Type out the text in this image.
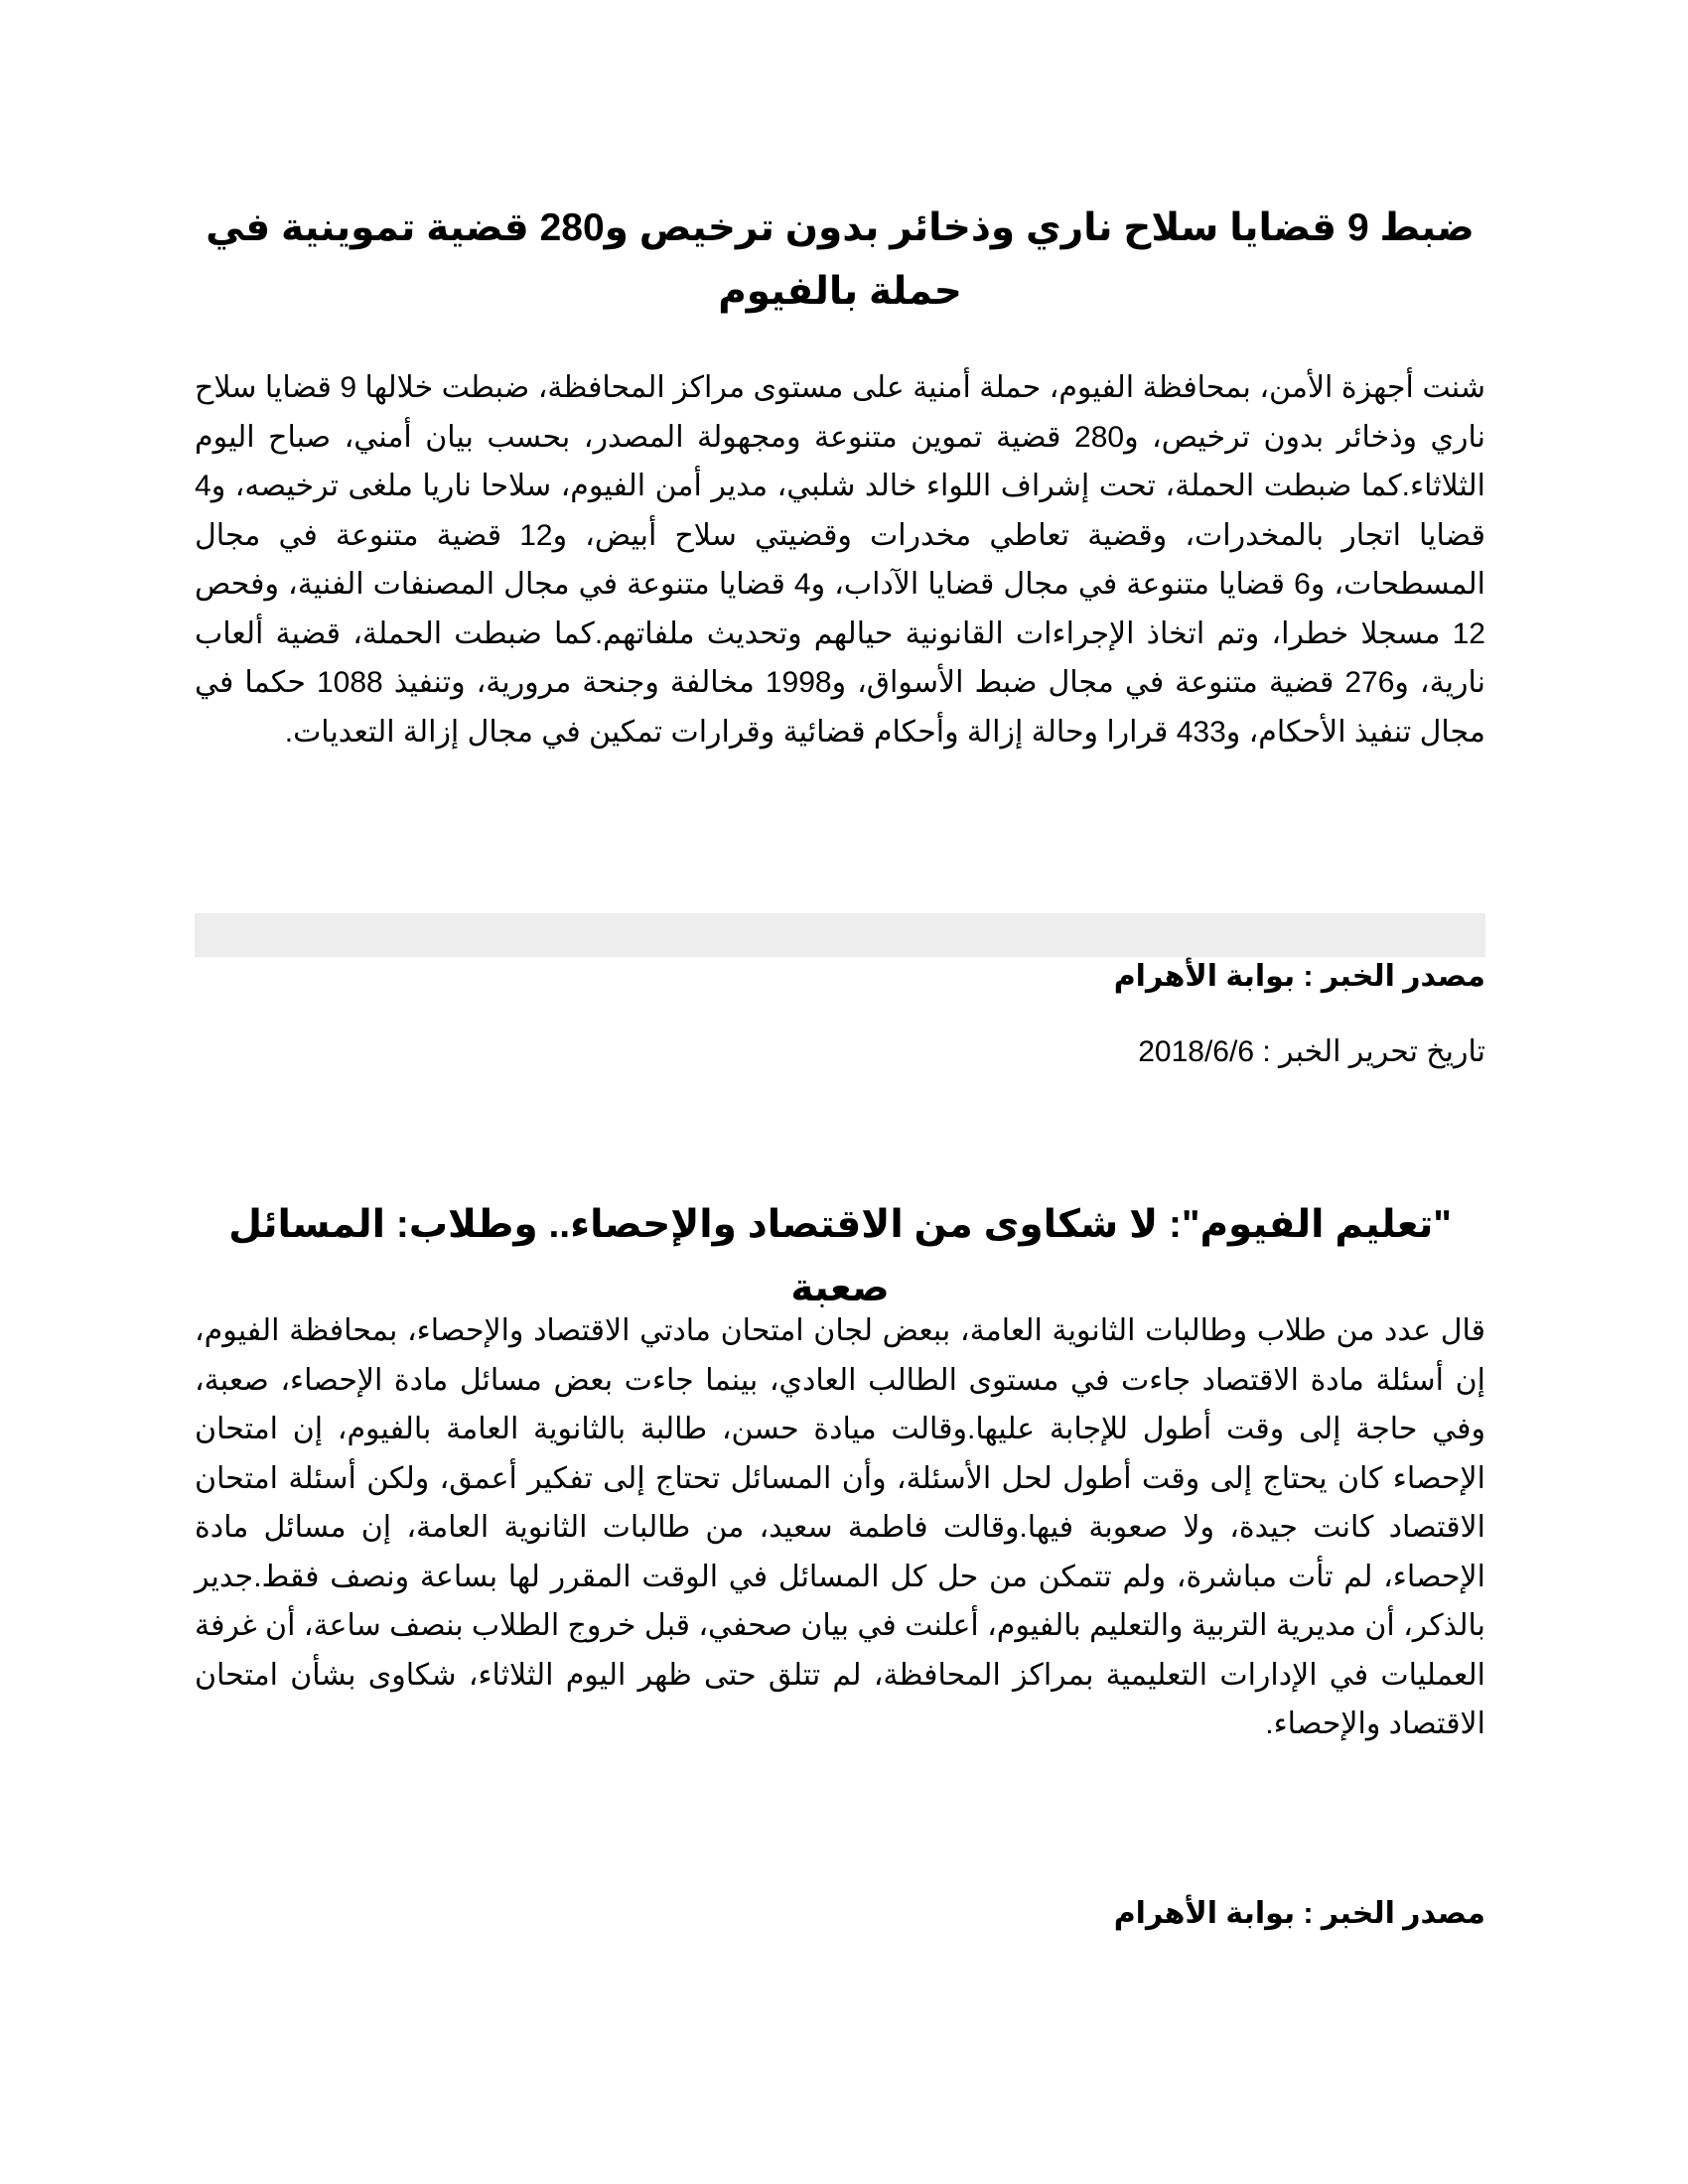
ضبط 9 قضايا سلاح ناري وذخائر بدون ترخيص و280 قضية تموينية في حملة بالفيوم

شنت أجهزة الأمن، بمحافظة الفيوم، حملة أمنية على مستوى مراكز المحافظة، ضبطت خلالها 9 قضايا سلاح ناري وذخائر بدون ترخيص، و280 قضية تموين متنوعة ومجهولة المصدر، بحسب بيان أمني، صباح اليوم الثلاثاء.كما ضبطت الحملة، تحت إشراف اللواء خالد شلبي، مدير أمن الفيوم، سلاحا ناريا ملغى ترخيصه، و4 قضايا اتجار بالمخدرات، وقضية تعاطي مخدرات وقضيتي سلاح أبيض، و12 قضية متنوعة في مجال المسطحات، و6 قضايا متنوعة في مجال قضايا الآداب، و4 قضايا متنوعة في مجال المصنفات الفنية، وفحص 12 مسجلا خطرا، وتم اتخاذ الإجراءات القانونية حيالهم وتحديث ملفاتهم.كما ضبطت الحملة، قضية ألعاب نارية، و276 قضية متنوعة في مجال ضبط الأسواق، و1998 مخالفة وجنحة مرورية، وتنفيذ 1088 حكما في مجال تنفيذ الأحكام، و433 قرارا وحالة إزالة وأحكام قضائية وقرارات تمكين في مجال إزالة التعديات.

مصدر الخبر : بوابة الأهرام

تاريخ تحرير الخبر : 2018/6/6

"تعليم الفيوم": لا شكاوى من الاقتصاد والإحصاء.. وطلاب: المسائل صعبة

قال عدد من طلاب وطالبات الثانوية العامة، ببعض لجان امتحان مادتي الاقتصاد والإحصاء، بمحافظة الفيوم، إن أسئلة مادة الاقتصاد جاءت في مستوى الطالب العادي، بينما جاءت بعض مسائل مادة الإحصاء، صعبة، وفي حاجة إلى وقت أطول للإجابة عليها.وقالت ميادة حسن، طالبة بالثانوية العامة بالفيوم، إن امتحان الإحصاء كان يحتاج إلى وقت أطول لحل الأسئلة، وأن المسائل تحتاج إلى تفكير أعمق، ولكن أسئلة امتحان الاقتصاد كانت جيدة، ولا صعوبة فيها.وقالت فاطمة سعيد، من طالبات الثانوية العامة، إن مسائل مادة الإحصاء، لم تأت مباشرة، ولم تتمكن من حل كل المسائل في الوقت المقرر لها بساعة ونصف فقط.جدير بالذكر، أن مديرية التربية والتعليم بالفيوم، أعلنت في بيان صحفي، قبل خروج الطلاب بنصف ساعة، أن غرفة العمليات في الإدارات التعليمية بمراكز المحافظة، لم تتلق حتى ظهر اليوم الثلاثاء، شكاوى بشأن امتحان الاقتصاد والإحصاء.

مصدر الخبر : بوابة الأهرام
